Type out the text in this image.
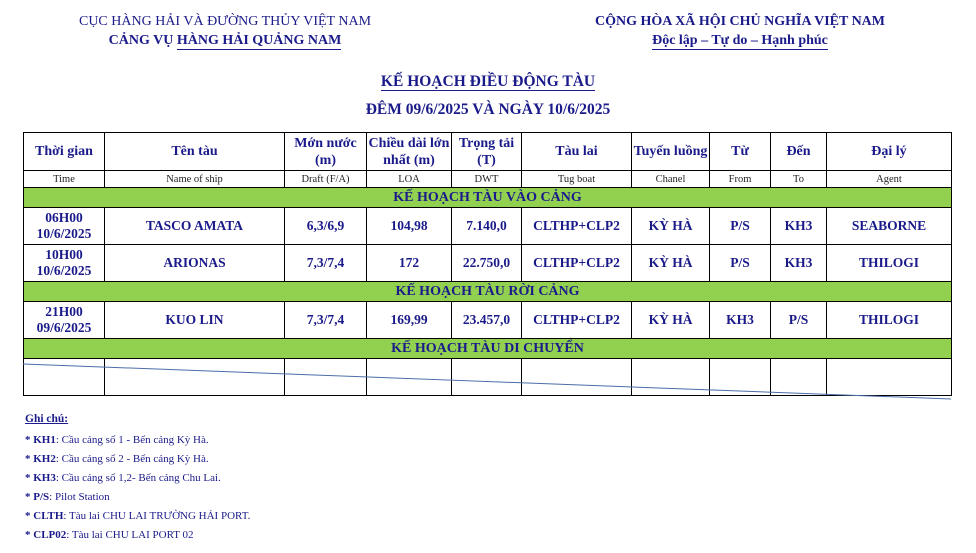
CỤC HÀNG HẢI VÀ ĐƯỜNG THỦY VIỆT NAM
CẢNG VỤ HÀNG HẢI QUẢNG NAM
CỘNG HÒA XÃ HỘI CHỦ NGHĨA VIỆT NAM
Độc lập – Tự do – Hạnh phúc
KẾ HOẠCH ĐIỀU ĐỘNG TÀU
ĐÊM 09/6/2025 VÀ NGÀY 10/6/2025
Thời gian	Tên tàu	Mớn nước (m)	Chiều dài lớn nhất (m)	Trọng tải (T)	Tàu lai	Tuyến luồng	Từ	Đến	Đại lý
Time	Name of ship	Draft (F/A)	LOA	DWT	Tug boat	Chanel	From	To	Agent
KẾ HOẠCH TÀU VÀO CẢNG									
06H00 10/6/2025	TASCO AMATA	6,3/6,9	104,98	7.140,0	CLTHP+CLP2	KỲ HÀ	P/S	KH3	SEABORNE
10H00 10/6/2025	ARIONAS	7,3/7,4	172	22.750,0	CLTHP+CLP2	KỲ HÀ	P/S	KH3	THILOGI
KẾ HOẠCH TÀU RỜI CẢNG									
21H00 09/6/2025	KUO LIN	7,3/7,4	169,99	23.457,0	CLTHP+CLP2	KỲ HÀ	KH3	P/S	THILOGI
KẾ HOẠCH TÀU DI CHUYỂN									

Ghi chú:
* KH1: Cầu cảng số 1 - Bến cảng Kỳ Hà.
* KH2: Cầu cảng số 2 - Bến cảng Kỳ Hà.
* KH3: Cầu cảng số 1,2- Bến cảng Chu Lai.
* P/S: Pilot Station
* CLTH: Tàu lai CHU LAI TRƯỜNG HẢI PORT.
* CLP02: Tàu lai CHU LAI PORT 02
